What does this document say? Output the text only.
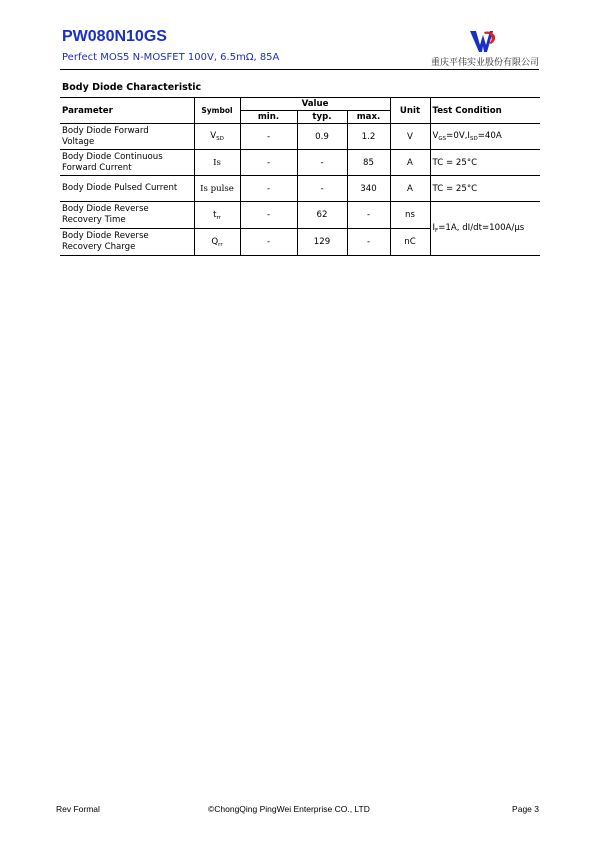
PW080N10GS
Perfect MOS5 N-MOSFET 100V, 6.5mΩ, 85A	重庆平伟实业股份有限公司
Body Diode Characteristic
Parameter	Symbol	Value			Unit	Test Condition
		min.	typ.	max.		

Body Diode Forward
Voltage	$V_{SD}$	-	0.9	1.2	V	$V_{GS}=0V,I_{SD}=40A$

Body Diode Continuous
Forward Current	Is	-	-	85	A	TC = 25°C

Body Diode Pulsed Current	Is pulse	-	-	340	A	TC = 25°C

Body Diode Reverse
Recovery Time	$t_{rr}$	-	62	-	ns	$I_F=1A$, dI/dt=100A/μs

Body Diode Reverse
Recovery Charge	$Q_{rr}$	-	129	-	nC	
Rev Formal	©ChongQing PingWei Enterprise CO., LTD	Page 3
